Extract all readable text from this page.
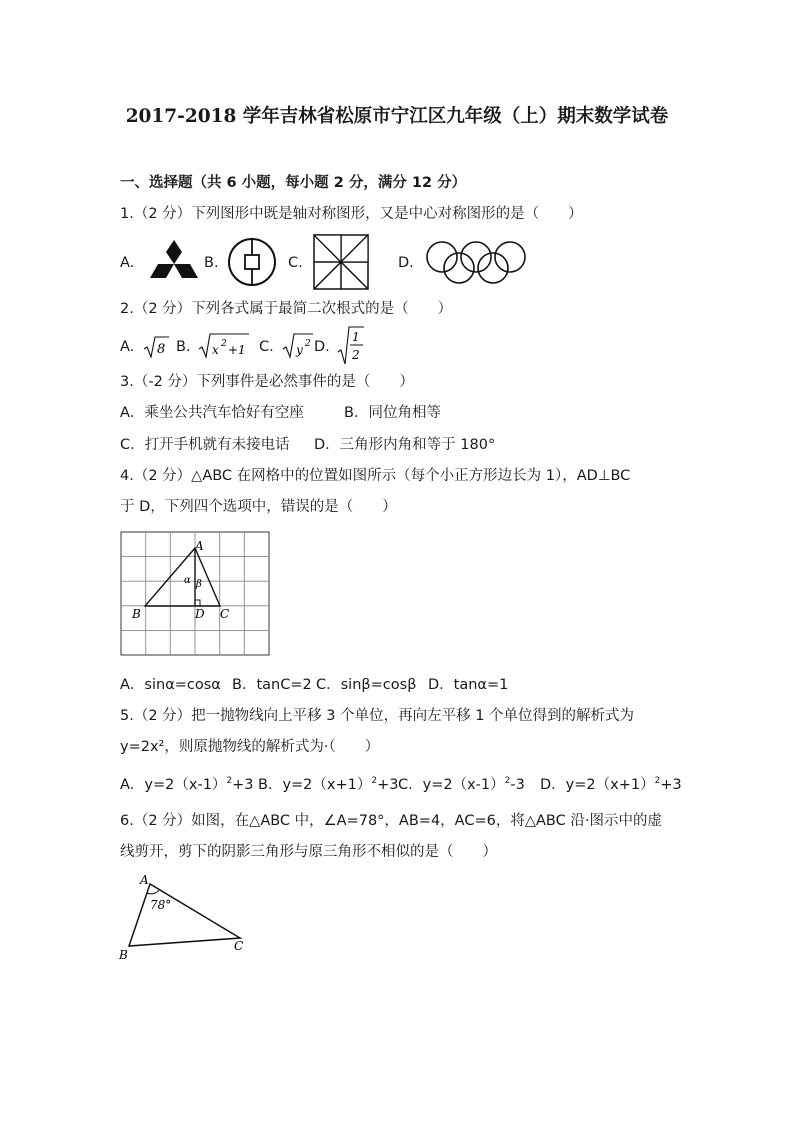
2017-2018 学年吉林省松原市宁江区九年级（上）期末数学试卷
一、选择题（共 6 小题，每小题 2 分，满分 12 分）
1.（2 分）下列图形中既是轴对称图形，又是中心对称图形的是（　　）
A.	B.	C.	D.
2.（2 分）下列各式属于最简二次根式的是（　　）
A. 8 B. x 2 +1 C. y 2 D.
1
2
3.（-2 分）下列事件是必然事件的是（　　）
A．乘坐公共汽车恰好有空座	B．同位角相等
C．打开手机就有未接电话 D．三角形内角和等于 180°
4.（2 分）△ABC 在网格中的位置如图所示（每个小正方形边长为 1），AD⊥BC
于 D，下列四个选项中，错误的是（　　）
A
B	C
D
α β
A．sinα=cosα B．tanC=2 C．sinβ=cosβ D．tanα=1
5.（2 分）把一抛物线向上平移 3 个单位，再向左平移 1 个单位得到的解析式为
y=2x²，则原抛物线的解析式为·（　　）
A．$y=2(x-1)^2+3$ B．$y=2(x+1)^2+3$ C．$y=2(x-1)^2-3$ D．$y=2(x+1)^2+3$
6.（2 分）如图，在△ABC 中，∠A=78°，AB=4，AC=6，将△ABC 沿·图示中的虚
线剪开，剪下的阴影三角形与原三角形不相似的是（　　）
A
B
C
78°
